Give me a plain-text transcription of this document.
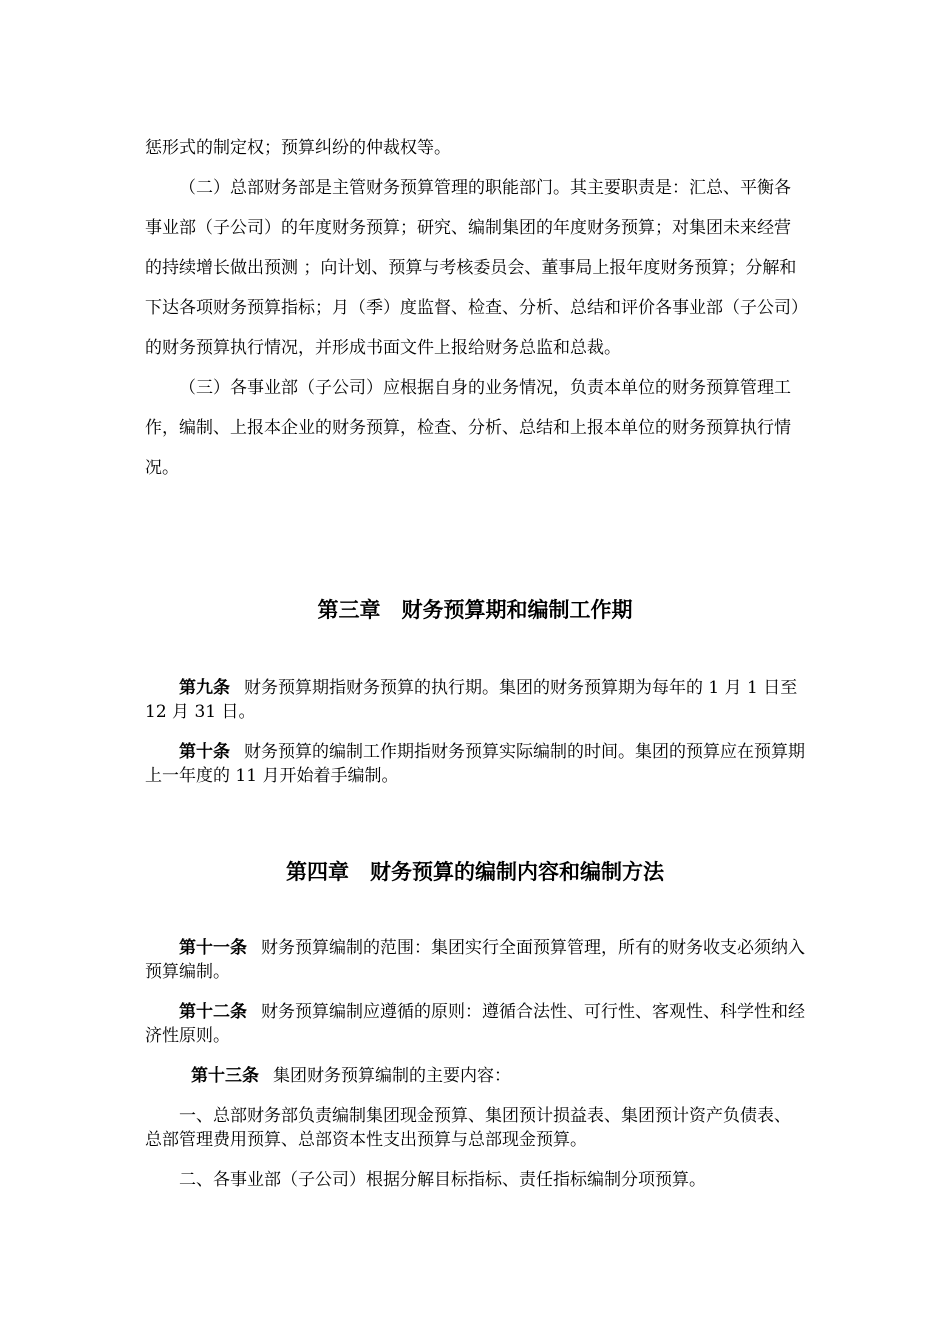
惩形式的制定权；预算纠纷的仲裁权等。

（二）总部财务部是主管财务预算管理的职能部门。其主要职责是：汇总、平衡各事业部（子公司）的年度财务预算；研究、编制集团的年度财务预算；对集团未来经营的持续增长做出预测 ；向计划、预算与考核委员会、董事局上报年度财务预算；分解和下达各项财务预算指标；月（季）度监督、检查、分析、总结和评价各事业部（子公司）的财务预算执行情况，并形成书面文件上报给财务总监和总裁。

（三）各事业部（子公司）应根据自身的业务情况，负责本单位的财务预算管理工作，编制、上报本企业的财务预算，检查、分析、总结和上报本单位的财务预算执行情况。

第三章　财务预算期和编制工作期

第九条 财务预算期指财务预算的执行期。集团的财务预算期为每年的 1 月 1 日至 12 月 31 日。

第十条 财务预算的编制工作期指财务预算实际编制的时间。集团的预算应在预算期上一年度的 11 月开始着手编制。

第四章　财务预算的编制内容和编制方法

第十一条 财务预算编制的范围：集团实行全面预算管理，所有的财务收支必须纳入预算编制。

第十二条 财务预算编制应遵循的原则：遵循合法性、可行性、客观性、科学性和经济性原则。

第十三条 集团财务预算编制的主要内容：

一、总部财务部负责编制集团现金预算、集团预计损益表、集团预计资产负债表、总部管理费用预算、总部资本性支出预算与总部现金预算。

二、各事业部（子公司）根据分解目标指标、责任指标编制分项预算。
